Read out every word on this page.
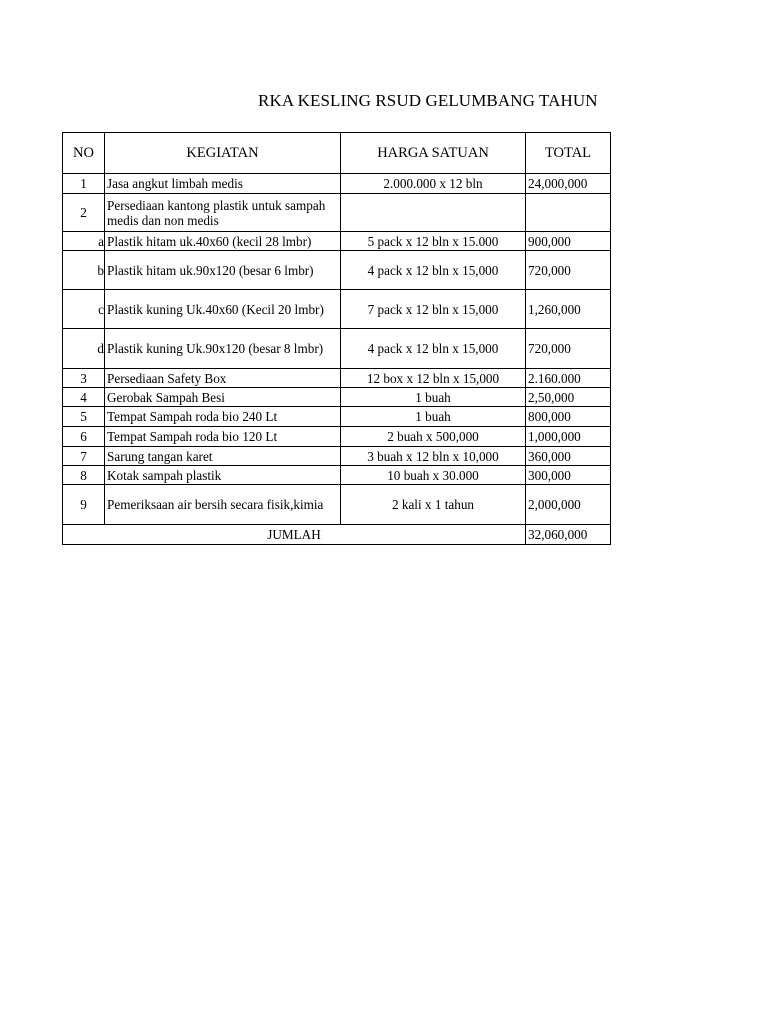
RKA KESLING RSUD GELUMBANG TAHUN
NO	KEGIATAN	HARGA SATUAN	TOTAL
1	Jasa angkut limbah medis	2.000.000 x 12 bln	24,000,000
2	Persediaan kantong plastik untuk sampah medis dan non medis		
a	Plastik hitam uk.40x60 (kecil 28 lmbr)	5 pack x 12 bln x 15.000	900,000
b	Plastik hitam uk.90x120 (besar 6 lmbr)	4 pack x 12 bln x 15,000	720,000
c	Plastik kuning Uk.40x60 (Kecil 20 lmbr)	7 pack x 12 bln x 15,000	1,260,000
d	Plastik kuning Uk.90x120 (besar 8 lmbr)	4 pack x 12 bln x 15,000	720,000
3	Persediaan Safety Box	12 box x 12 bln x 15,000	2.160.000
4	Gerobak Sampah Besi	1 buah	2,50,000
5	Tempat Sampah roda bio 240 Lt	1 buah	800,000
6	Tempat Sampah roda bio 120 Lt	2 buah x 500,000	1,000,000
7	Sarung tangan karet	3 buah x 12 bln x 10,000	360,000
8	Kotak sampah plastik	10 buah x 30.000	300,000
9	Pemeriksaan air bersih secara fisik,kimia	2 kali x 1 tahun	2,000,000
JUMLAH			32,060,000
